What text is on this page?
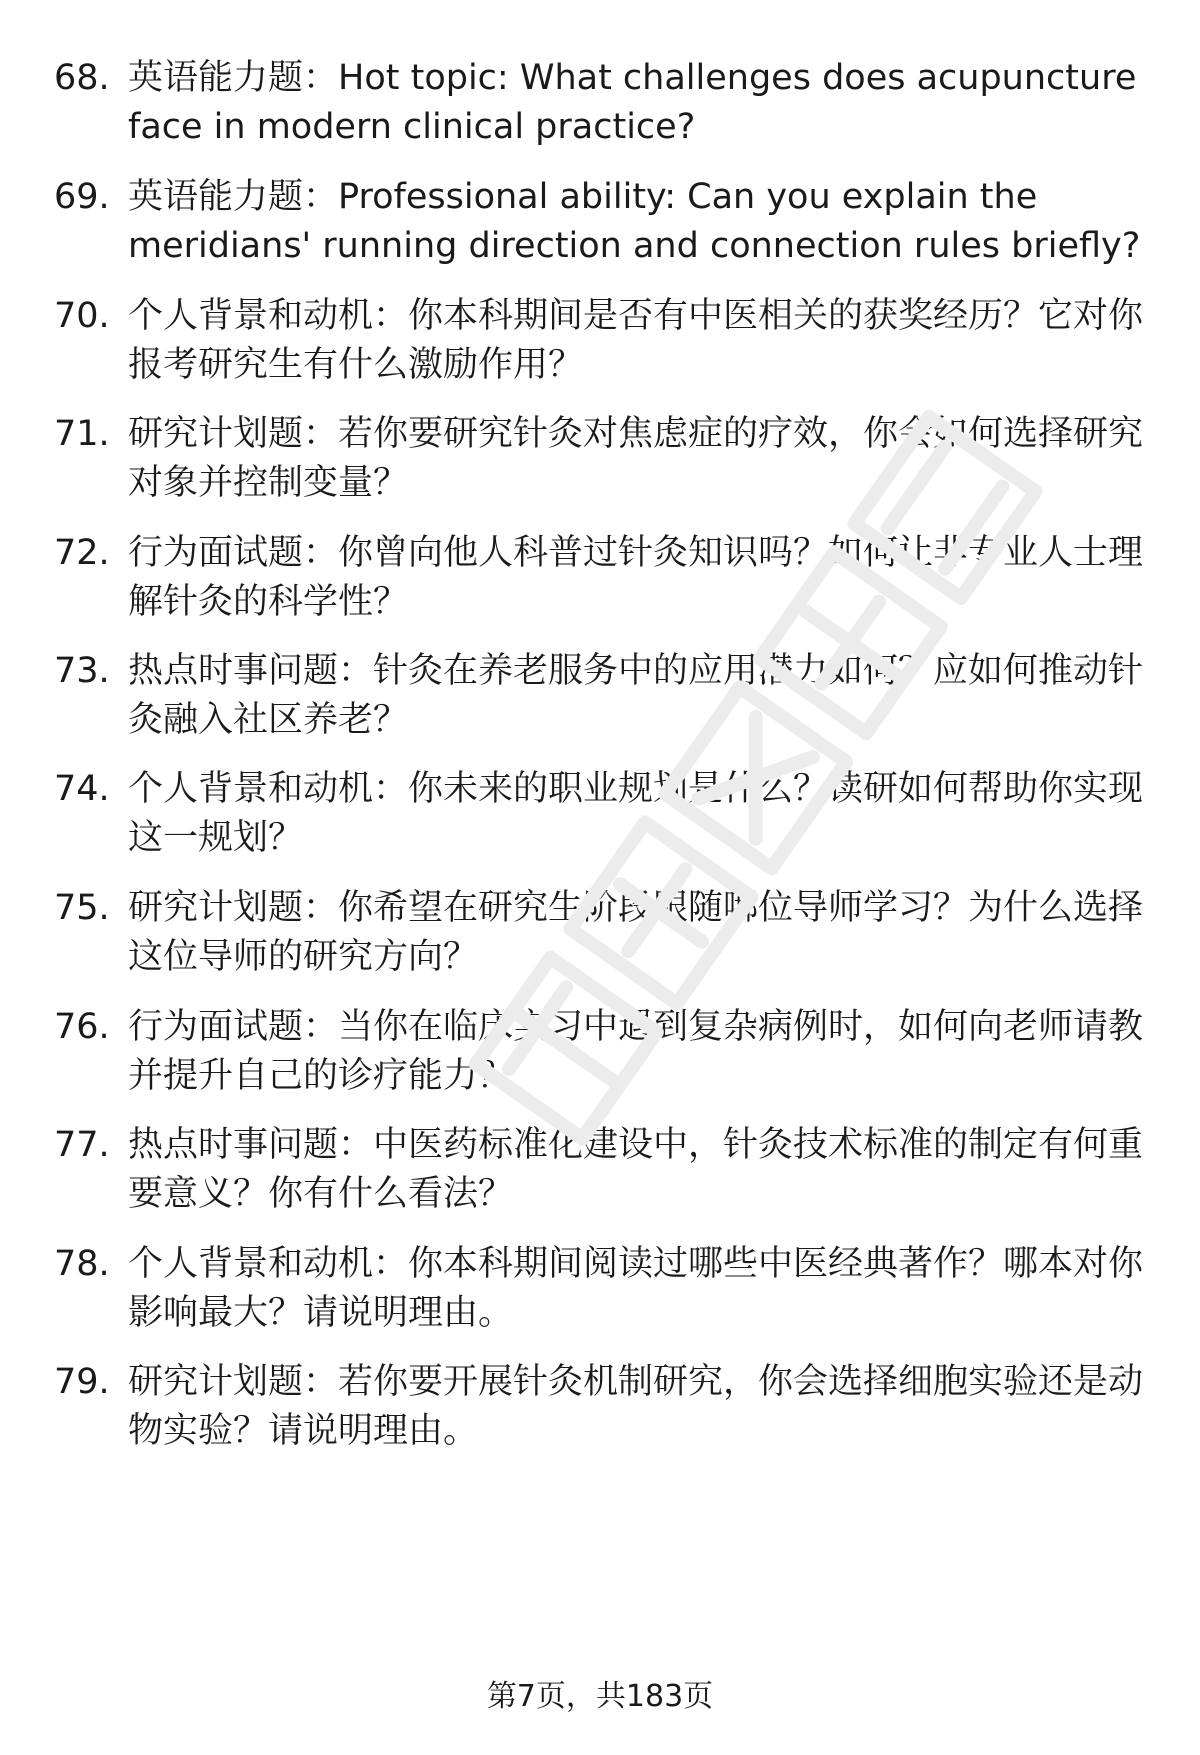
68. 英语能力题：Hot topic: What challenges does acupuncture face in modern clinical practice?
69. 英语能力题：Professional ability: Can you explain the meridians' running direction and connection rules briefly?
70. 个人背景和动机：你本科期间是否有中医相关的获奖经历？它对你报考研究生有什么激励作用？
71. 研究计划题：若你要研究针灸对焦虑症的疗效，你会如何选择研究对象并控制变量？
72. 行为面试题：你曾向他人科普过针灸知识吗？如何让非专业人士理解针灸的科学性？
73. 热点时事问题：针灸在养老服务中的应用潜力如何？应如何推动针灸融入社区养老？
74. 个人背景和动机：你未来的职业规划是什么？读研如何帮助你实现这一规划？
75. 研究计划题：你希望在研究生阶段跟随哪位导师学习？为什么选择这位导师的研究方向？
76. 行为面试题：当你在临床实习中遇到复杂病例时，如何向老师请教并提升自己的诊疗能力？
77. 热点时事问题：中医药标准化建设中，针灸技术标准的制定有何重要意义？你有什么看法？
78. 个人背景和动机：你本科期间阅读过哪些中医经典著作？哪本对你影响最大？请说明理由。
79. 研究计划题：若你要开展针灸机制研究，你会选择细胞实验还是动物实验？请说明理由。
第7页，共183页
